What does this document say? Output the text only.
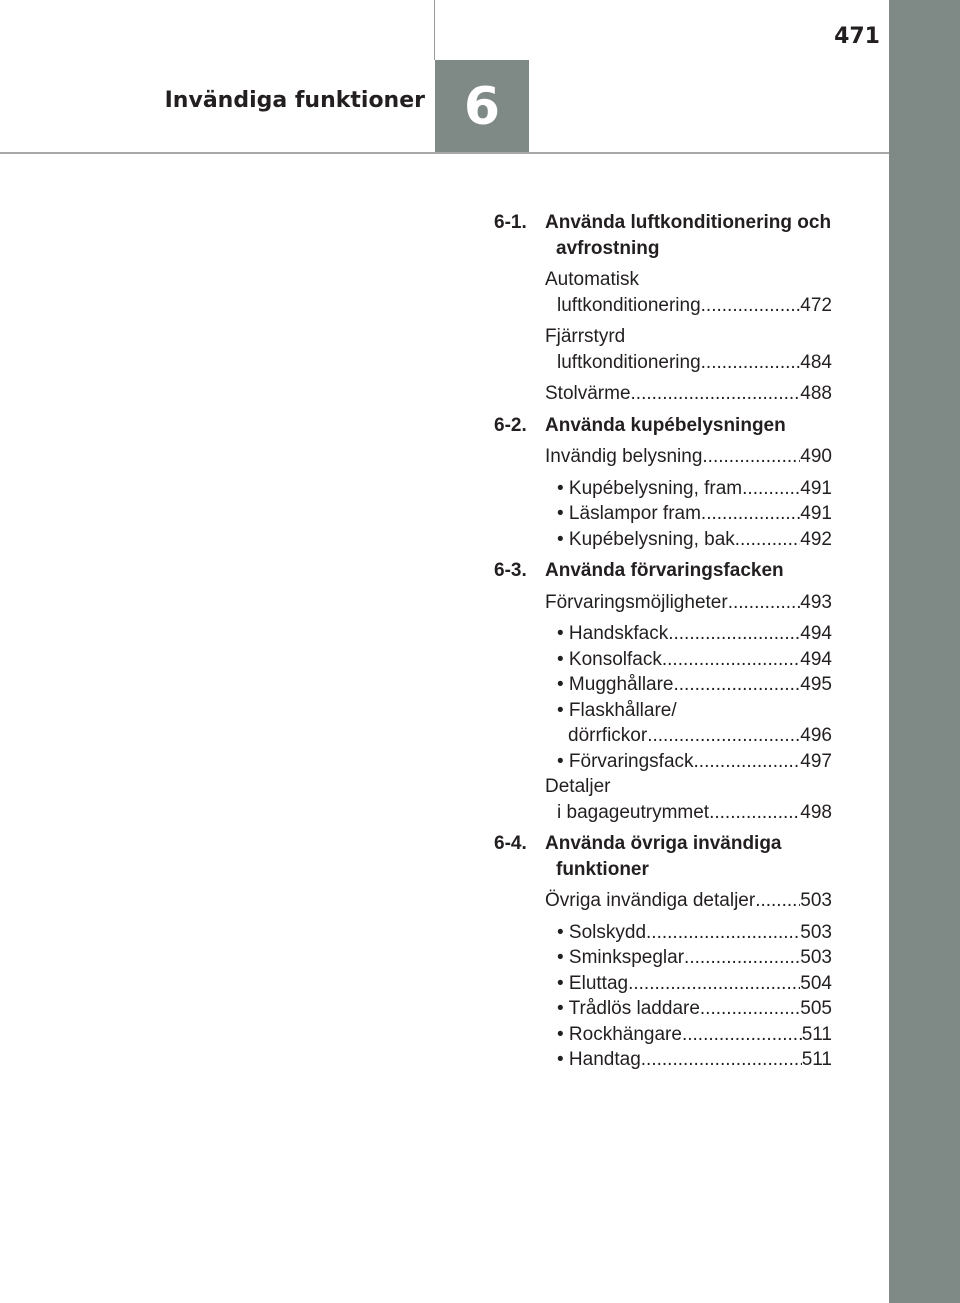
471
6
Invändiga funktioner
6-1. Använda luftkonditionering och avfrostning
Automatisk
luftkonditionering .....	472
Fjärrstyrd
luftkonditionering .....	484
Stolvärme .....	488
6-2. Använda kupébelysningen
Invändig belysning .....	490
• Kupébelysning, fram .....	491
• Läslampor fram .....	491
• Kupébelysning, bak .....	492
6-3. Använda förvaringsfacken
Förvaringsmöjligheter .....	493
• Handskfack .....	494
• Konsolfack .....	494
• Mugghållare .....	495
• Flaskhållare/
dörrfickor .....	496
• Förvaringsfack .....	497
Detaljer
i bagageutrymmet .....	498
6-4. Använda övriga invändiga funktioner
Övriga invändiga detaljer ..... 503
• Solskydd .....	503
• Sminkspeglar .....	503
• Eluttag .....	504
• Trådlös laddare .....	505
• Rockhängare .....	511
• Handtag .....	511
